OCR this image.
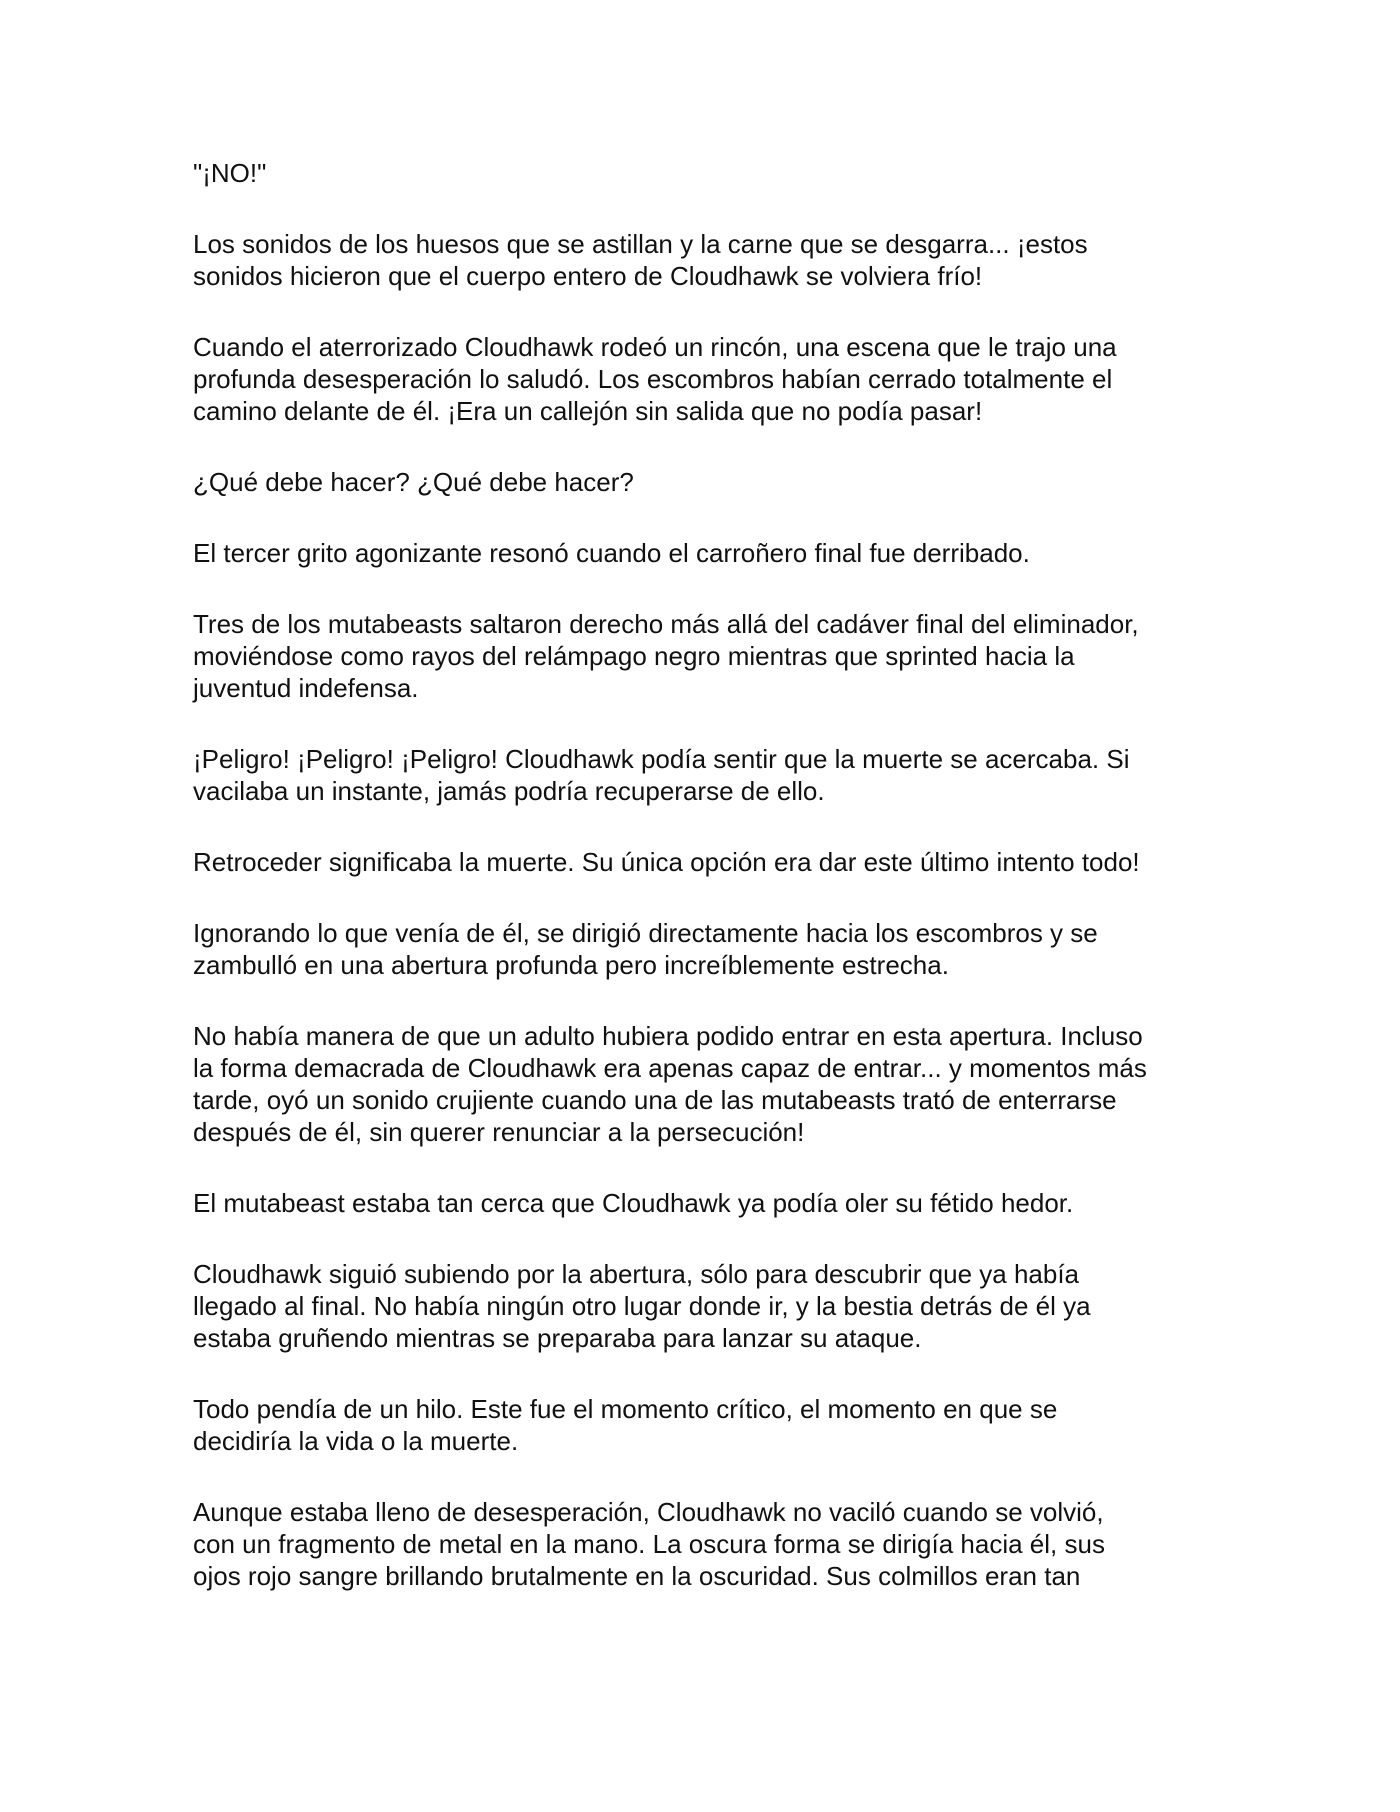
"¡NO!"

Los sonidos de los huesos que se astillan y la carne que se desgarra... ¡estos
sonidos hicieron que el cuerpo entero de Cloudhawk se volviera frío!

Cuando el aterrorizado Cloudhawk rodeó un rincón, una escena que le trajo una
profunda desesperación lo saludó. Los escombros habían cerrado totalmente el
camino delante de él. ¡Era un callejón sin salida que no podía pasar!

¿Qué debe hacer? ¿Qué debe hacer?

El tercer grito agonizante resonó cuando el carroñero final fue derribado.

Tres de los mutabeasts saltaron derecho más allá del cadáver final del eliminador,
moviéndose como rayos del relámpago negro mientras que sprinted hacia la
juventud indefensa.

¡Peligro! ¡Peligro! ¡Peligro! Cloudhawk podía sentir que la muerte se acercaba. Si
vacilaba un instante, jamás podría recuperarse de ello.

Retroceder significaba la muerte. Su única opción era dar este último intento todo!

Ignorando lo que venía de él, se dirigió directamente hacia los escombros y se
zambulló en una abertura profunda pero increíblemente estrecha.

No había manera de que un adulto hubiera podido entrar en esta apertura. Incluso
la forma demacrada de Cloudhawk era apenas capaz de entrar... y momentos más
tarde, oyó un sonido crujiente cuando una de las mutabeasts trató de enterrarse
después de él, sin querer renunciar a la persecución!

El mutabeast estaba tan cerca que Cloudhawk ya podía oler su fétido hedor.

Cloudhawk siguió subiendo por la abertura, sólo para descubrir que ya había
llegado al final. No había ningún otro lugar donde ir, y la bestia detrás de él ya
estaba gruñendo mientras se preparaba para lanzar su ataque.

Todo pendía de un hilo. Este fue el momento crítico, el momento en que se
decidiría la vida o la muerte.

Aunque estaba lleno de desesperación, Cloudhawk no vaciló cuando se volvió,
con un fragmento de metal en la mano. La oscura forma se dirigía hacia él, sus
ojos rojo sangre brillando brutalmente en la oscuridad. Sus colmillos eran tan
